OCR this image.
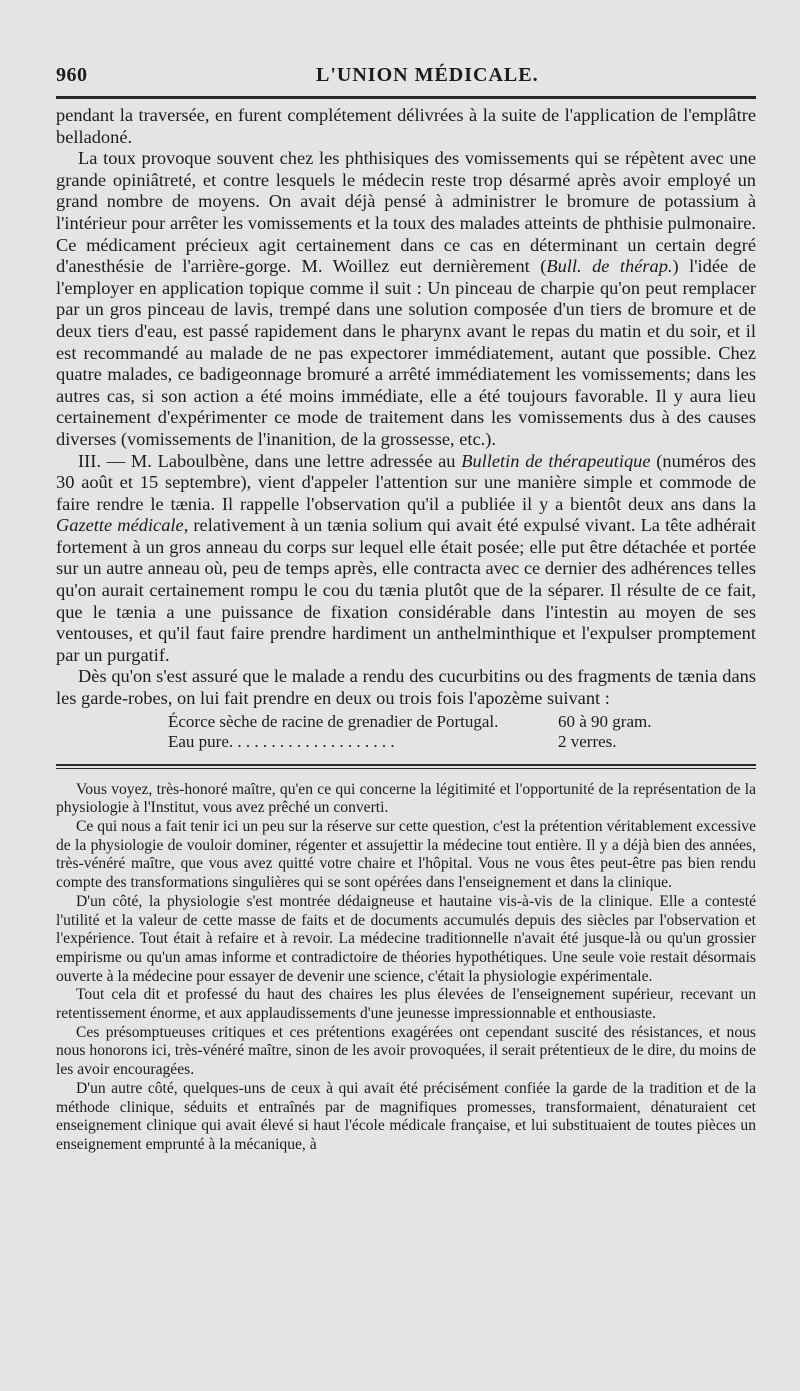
960	L'UNION MÉDICALE.

pendant la traversée, en furent complétement délivrées à la suite de l'application de l'emplâtre belladoné.

La toux provoque souvent chez les phthisiques des vomissements qui se répètent avec une grande opiniâtreté, et contre lesquels le médecin reste trop désarmé après avoir employé un grand nombre de moyens. On avait déjà pensé à administrer le bromure de potassium à l'intérieur pour arrêter les vomissements et la toux des malades atteints de phthisie pulmonaire. Ce médicament précieux agit certainement dans ce cas en déterminant un certain degré d'anesthésie de l'arrière-gorge. M. Woillez eut dernièrement (Bull. de thérap.) l'idée de l'employer en application topique comme il suit : Un pinceau de charpie qu'on peut remplacer par un gros pinceau de lavis, trempé dans une solution composée d'un tiers de bromure et de deux tiers d'eau, est passé rapidement dans le pharynx avant le repas du matin et du soir, et il est recommandé au malade de ne pas expectorer immédiatement, autant que possible. Chez quatre malades, ce badigeonnage bromuré a arrêté immédiatement les vomissements; dans les autres cas, si son action a été moins immédiate, elle a été toujours favorable. Il y aura lieu certainement d'expérimenter ce mode de traitement dans les vomissements dus à des causes diverses (vomissements de l'inanition, de la grossesse, etc.).

III. — M. Laboulbène, dans une lettre adressée au Bulletin de thérapeutique (numéros des 30 août et 15 septembre), vient d'appeler l'attention sur une manière simple et commode de faire rendre le tænia. Il rappelle l'observation qu'il a publiée il y a bientôt deux ans dans la Gazette médicale, relativement à un tænia solium qui avait été expulsé vivant. La tête adhérait fortement à un gros anneau du corps sur lequel elle était posée; elle put être détachée et portée sur un autre anneau où, peu de temps après, elle contracta avec ce dernier des adhérences telles qu'on aurait certainement rompu le cou du tænia plutôt que de la séparer. Il résulte de ce fait, que le tænia a une puissance de fixation considérable dans l'intestin au moyen de ses ventouses, et qu'il faut faire prendre hardiment un anthelminthique et l'expulser promptement par un purgatif.

Dès qu'on s'est assuré que le malade a rendu des cucurbitins ou des fragments de tænia dans les garde-robes, on lui fait prendre en deux ou trois fois l'apozème suivant :

Écorce sèche de racine de grenadier de Portugal.	60 à 90 gram.
Eau pure. . . . . . . . . . . . . . . . . . . .	2 verres.

Vous voyez, très-honoré maître, qu'en ce qui concerne la légitimité et l'opportunité de la représentation de la physiologie à l'Institut, vous avez prêché un converti.

Ce qui nous a fait tenir ici un peu sur la réserve sur cette question, c'est la prétention véritablement excessive de la physiologie de vouloir dominer, régenter et assujettir la médecine tout entière. Il y a déjà bien des années, très-vénéré maître, que vous avez quitté votre chaire et l'hôpital. Vous ne vous êtes peut-être pas bien rendu compte des transformations singulières qui se sont opérées dans l'enseignement et dans la clinique.

D'un côté, la physiologie s'est montrée dédaigneuse et hautaine vis-à-vis de la clinique. Elle a contesté l'utilité et la valeur de cette masse de faits et de documents accumulés depuis des siècles par l'observation et l'expérience. Tout était à refaire et à revoir. La médecine traditionnelle n'avait été jusque-là ou qu'un grossier empirisme ou qu'un amas informe et contradictoire de théories hypothétiques. Une seule voie restait désormais ouverte à la médecine pour essayer de devenir une science, c'était la physiologie expérimentale.

Tout cela dit et professé du haut des chaires les plus élevées de l'enseignement supérieur, recevant un retentissement énorme, et aux applaudissements d'une jeunesse impressionnable et enthousiaste.

Ces présomptueuses critiques et ces prétentions exagérées ont cependant suscité des résistances, et nous nous honorons ici, très-vénéré maître, sinon de les avoir provoquées, il serait prétentieux de le dire, du moins de les avoir encouragées.

D'un autre côté, quelques-uns de ceux à qui avait été précisément confiée la garde de la tradition et de la méthode clinique, séduits et entraînés par de magnifiques promesses, transformaient, dénaturaient cet enseignement clinique qui avait élevé si haut l'école médicale française, et lui substituaient de toutes pièces un enseignement emprunté à la mécanique, à
